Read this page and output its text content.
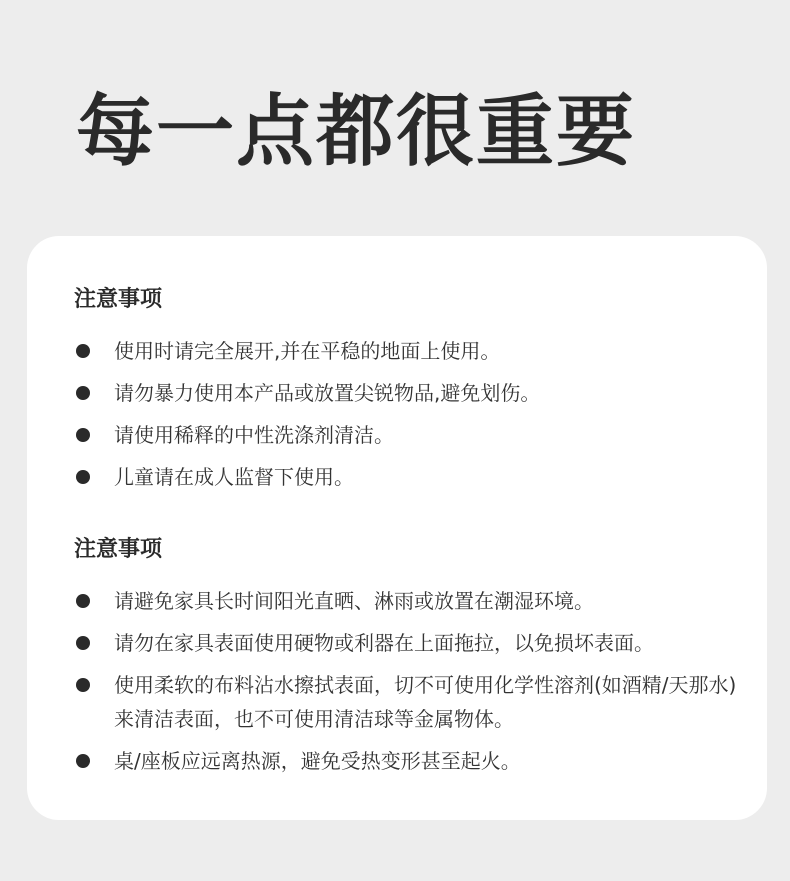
每一点都很重要
注意事项
使用时请完全展开,并在平稳的地面上使用。
请勿暴力使用本产品或放置尖锐物品,避免划伤。
请使用稀释的中性洗涤剂清洁。
儿童请在成人监督下使用。
注意事项
请避免家具长时间阳光直晒、淋雨或放置在潮湿环境。
请勿在家具表面使用硬物或利器在上面拖拉，以免损坏表面。
使用柔软的布料沾水擦拭表面，切不可使用化学性溶剂(如酒精/天那水)来清洁表面，也不可使用清洁球等金属物体。
桌/座板应远离热源，避免受热变形甚至起火。
